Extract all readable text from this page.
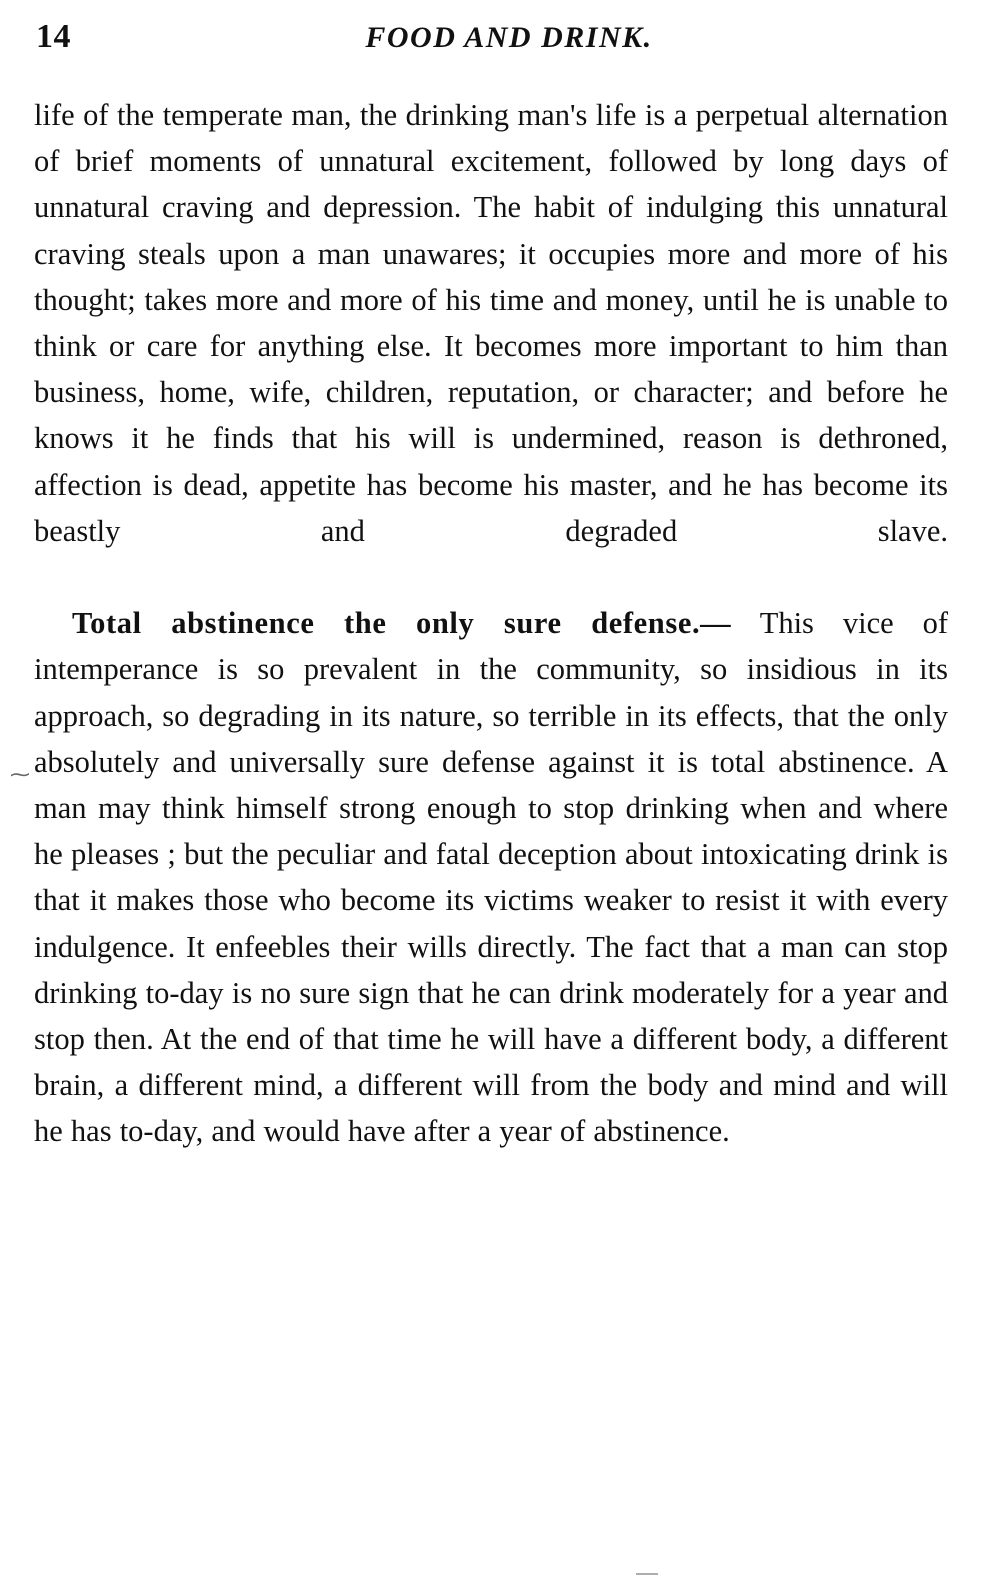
14	FOOD AND DRINK.

life of the temperate man, the drinking man's life is a perpetual alternation of brief moments of unnatural excitement, followed by long days of unnatural craving and depression. The habit of indulging this unnatural craving steals upon a man unawares; it occupies more and more of his thought; takes more and more of his time and money, until he is unable to think or care for anything else. It becomes more important to him than business, home, wife, children, reputation, or character; and before he knows it he finds that his will is undermined, reason is dethroned, affection is dead, appetite has become his master, and he has become its beastly and degraded slave.

Total abstinence the only sure defense.— This vice of intemperance is so prevalent in the community, so insidious in its approach, so degrading in its nature, so terrible in its effects, that the only absolutely and universally sure defense against it is total abstinence. A man may think himself strong enough to stop drinking when and where he pleases ; but the peculiar and fatal deception about intoxicating drink is that it makes those who become its victims weaker to resist it with every indulgence. It enfeebles their wills directly. The fact that a man can stop drinking to-day is no sure sign that he can drink moderately for a year and stop then. At the end of that time he will have a different body, a different brain, a different mind, a different will from the body and mind and will he has to-day, and would have after a year of abstinence.

⁓
